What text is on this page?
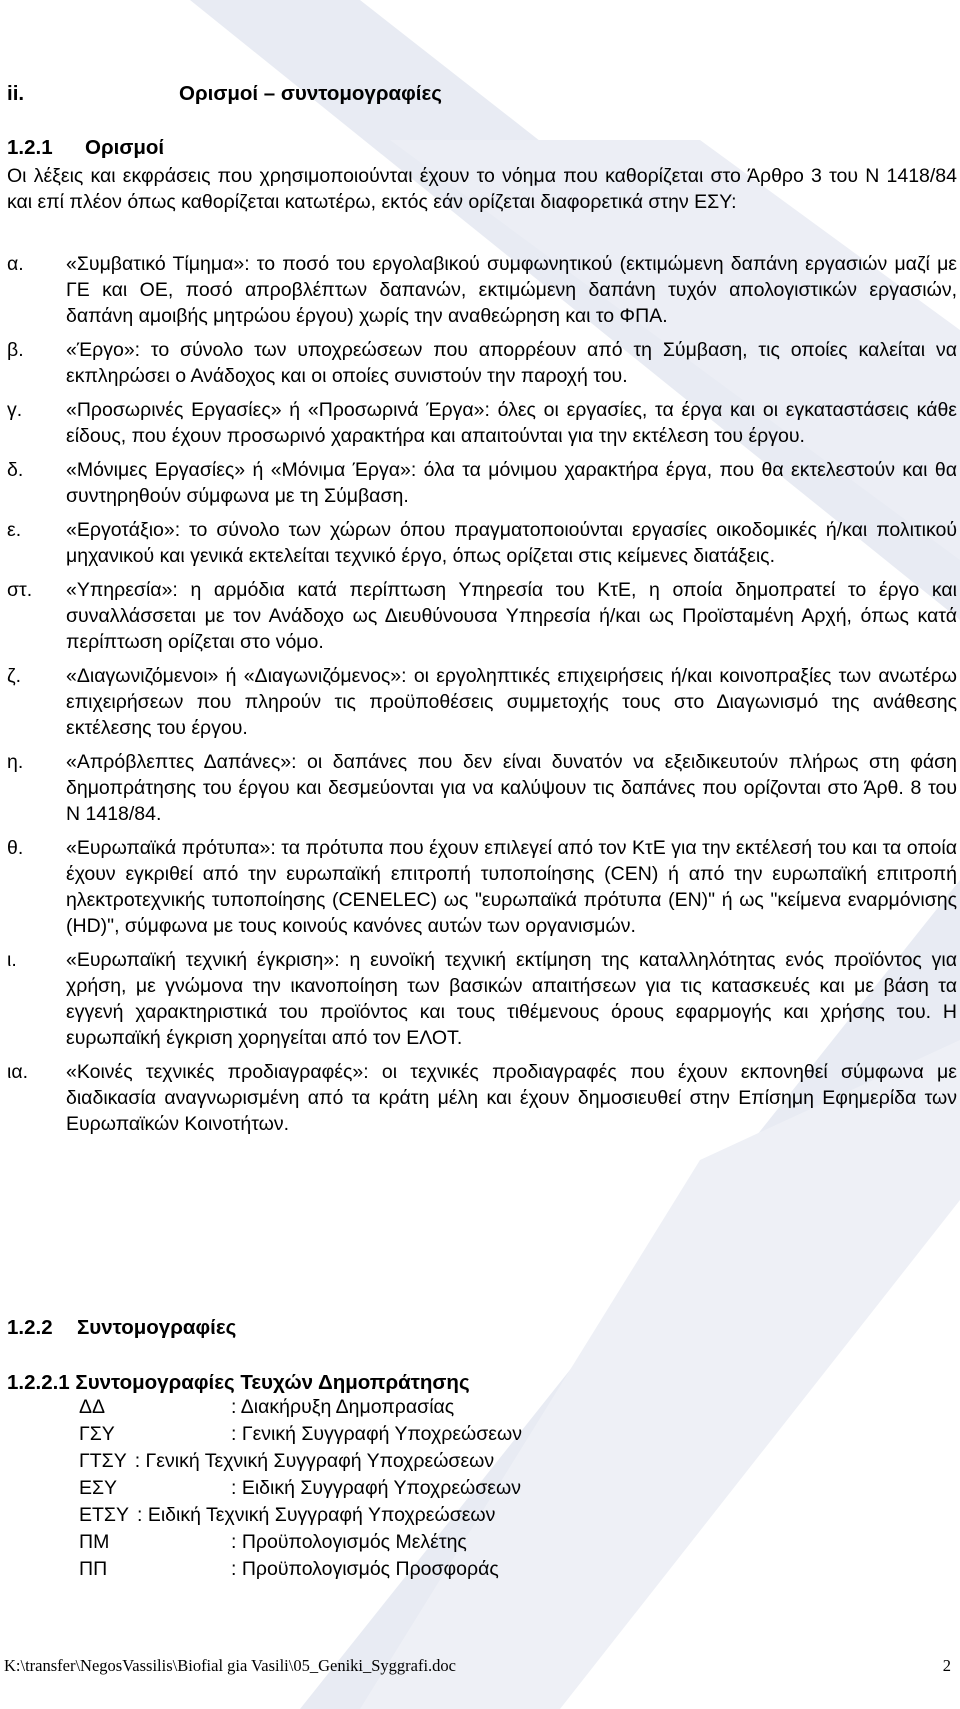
ii.	Ορισμοί – συντομογραφίες
1.2.1 Ορισμοί
Οι λέξεις και εκφράσεις που χρησιμοποιούνται έχουν το νόημα που καθορίζεται στο Άρθρο 3 του Ν 1418/84 και επί πλέον όπως καθορίζεται κατωτέρω, εκτός εάν ορίζεται διαφορετικά στην ΕΣΥ:
α.	«Συμβατικό Τίμημα»: το ποσό του εργολαβικού συμφωνητικού (εκτιμώμενη δαπάνη εργασιών μαζί με ΓΕ και ΟΕ, ποσό απροβλέπτων δαπανών, εκτιμώμενη δαπάνη τυχόν απολογιστικών εργασιών, δαπάνη αμοιβής μητρώου έργου) χωρίς την αναθεώρηση και το ΦΠΑ.
β.	«Έργο»: το σύνολο των υποχρεώσεων που απορρέουν από τη Σύμβαση, τις οποίες καλείται να εκπληρώσει ο Ανάδοχος και οι οποίες συνιστούν την παροχή του.
γ.	«Προσωρινές Εργασίες» ή «Προσωρινά Έργα»: όλες οι εργασίες, τα έργα και οι εγκαταστάσεις κάθε είδους, που έχουν προσωρινό χαρακτήρα και απαιτούνται για την εκτέλεση του έργου.
δ.	«Μόνιμες Εργασίες» ή «Μόνιμα Έργα»: όλα τα μόνιμου χαρακτήρα έργα, που θα εκτελεστούν και θα συντηρηθούν σύμφωνα με τη Σύμβαση.
ε.	«Εργοτάξιο»: το σύνολο των χώρων όπου πραγματοποιούνται εργασίες οικοδομικές ή/και πολιτικού μηχανικού και γενικά εκτελείται τεχνικό έργο, όπως ορίζεται στις κείμενες διατάξεις.
στ.	«Υπηρεσία»: η αρμόδια κατά περίπτωση Υπηρεσία του ΚτΕ, η οποία δημοπρατεί το έργο και συναλλάσσεται με τον Ανάδοχο ως Διευθύνουσα Υπηρεσία ή/και ως Προϊσταμένη Αρχή, όπως κατά περίπτωση ορίζεται στο νόμο.
ζ.	«Διαγωνιζόμενοι» ή «Διαγωνιζόμενος»: οι εργοληπτικές επιχειρήσεις ή/και κοινοπραξίες των ανωτέρω επιχειρήσεων που πληρούν τις προϋποθέσεις συμμετοχής τους στο Διαγωνισμό της ανάθεσης εκτέλεσης του έργου.
η.	«Απρόβλεπτες Δαπάνες»: οι δαπάνες που δεν είναι δυνατόν να εξειδικευτούν πλήρως στη φάση δημοπράτησης του έργου και δεσμεύονται για να καλύψουν τις δαπάνες που ορίζονται στο Άρθ. 8 του Ν 1418/84.
θ.	«Ευρωπαϊκά πρότυπα»: τα πρότυπα που έχουν επιλεγεί από τον ΚτΕ για την εκτέλεσή του και τα οποία έχουν εγκριθεί από την ευρωπαϊκή επιτροπή τυποποίησης (CEN) ή από την ευρωπαϊκή επιτροπή ηλεκτροτεχνικής τυποποίησης (CENELEC) ως "ευρωπαϊκά πρότυπα (EN)" ή ως "κείμενα εναρμόνισης (HD)", σύμφωνα με τους κοινούς κανόνες αυτών των οργανισμών.
ι.	«Ευρωπαϊκή τεχνική έγκριση»: η ευνοϊκή τεχνική εκτίμηση της καταλληλότητας ενός προϊόντος για χρήση, με γνώμονα την ικανοποίηση των βασικών απαιτήσεων για τις κατασκευές και με βάση τα εγγενή χαρακτηριστικά του προϊόντος και τους τιθέμενους όρους εφαρμογής και χρήσης του. Η ευρωπαϊκή έγκριση χορηγείται από τον ΕΛΟΤ.
ια.	«Κοινές τεχνικές προδιαγραφές»: οι τεχνικές προδιαγραφές που έχουν εκπονηθεί σύμφωνα με διαδικασία αναγνωρισμένη από τα κράτη μέλη και έχουν δημοσιευθεί στην Επίσημη Εφημερίδα των Ευρωπαϊκών Κοινοτήτων.
1.2.2 Συντομογραφίες
1.2.2.1 Συντομογραφίες Τευχών Δημοπράτησης
ΔΔ	: Διακήρυξη Δημοπρασίας
ΓΣΥ	: Γενική Συγγραφή Υποχρεώσεων
ΓΤΣΥ : Γενική Τεχνική Συγγραφή Υποχρεώσεων
ΕΣΥ	: Ειδική Συγγραφή Υποχρεώσεων
ΕΤΣΥ : Ειδική Τεχνική Συγγραφή Υποχρεώσεων
ΠΜ	: Προϋπολογισμός Μελέτης
ΠΠ	: Προϋπολογισμός Προσφοράς
K:\transfer\NegosVassilis\Biofial gia Vasili\05_Geniki_Syggrafi.doc	2
